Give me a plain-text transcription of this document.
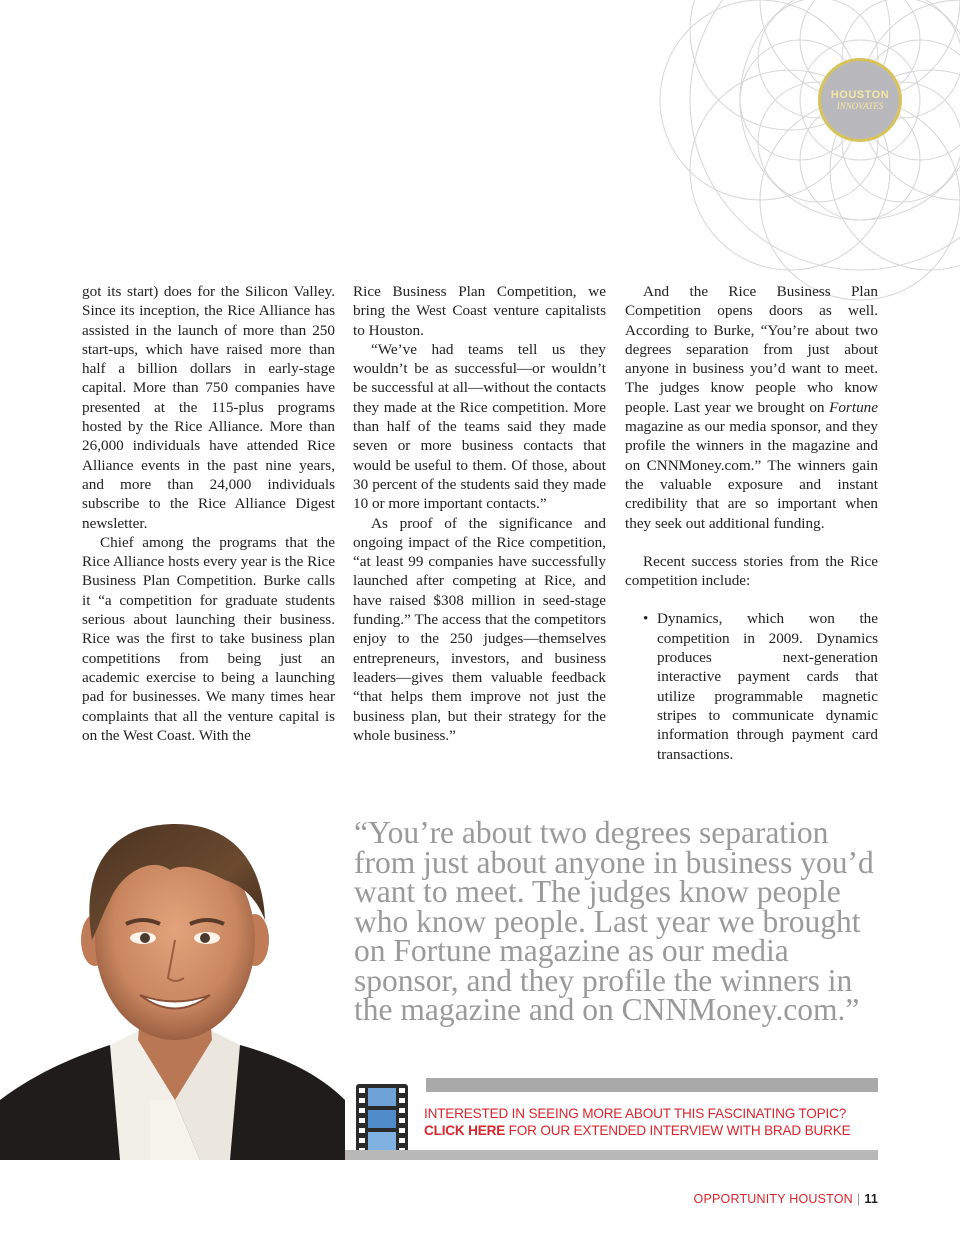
HOUSTON
INNOVATES

got its start) does for the Silicon Valley. Since its inception, the Rice Alliance has assisted in the launch of more than 250 start-ups, which have raised more than half a billion dollars in early-stage capital. More than 750 companies have presented at the 115-plus programs hosted by the Rice Alliance. More than 26,000 individuals have attended Rice Alliance events in the past nine years, and more than 24,000 individuals subscribe to the Rice Alliance Digest newsletter.

Chief among the programs that the Rice Alliance hosts every year is the Rice Business Plan Competition. Burke calls it “a competition for graduate students serious about launching their business. Rice was the first to take business plan competitions from being just an academic exercise to being a launching pad for businesses. We many times hear complaints that all the venture capital is on the West Coast. With the

Rice Business Plan Competition, we bring the West Coast venture capitalists to Houston.

“We’ve had teams tell us they wouldn’t be as successful—or wouldn’t be successful at all—without the contacts they made at the Rice competition. More than half of the teams said they made seven or more business contacts that would be useful to them. Of those, about 30 percent of the students said they made 10 or more important contacts.”

As proof of the significance and ongoing impact of the Rice competition, “at least 99 companies have successfully launched after competing at Rice, and have raised $308 million in seed-stage funding.” The access that the competitors enjoy to the 250 judges—themselves entrepreneurs, investors, and business leaders—gives them valuable feedback “that helps them improve not just the business plan, but their strategy for the whole business.”

And the Rice Business Plan Competition opens doors as well. According to Burke, “You’re about two degrees separation from just about anyone in business you’d want to meet. The judges know people who know people. Last year we brought on Fortune magazine as our media sponsor, and they profile the winners in the magazine and on CNNMoney.com.” The winners gain the valuable exposure and instant credibility that are so important when they seek out additional funding.

Recent success stories from the Rice competition include:

• Dynamics, which won the competition in 2009. Dynamics produces next-generation interactive payment cards that utilize programmable magnetic stripes to communicate dynamic information through payment card transactions.
“You’re about two degrees separation from just about anyone in business you’d want to meet. The judges know people who know people. Last year we brought on Fortune magazine as our media sponsor, and they profile the winners in the magazine and on CNNMoney.com.”
INTERESTED IN SEEING MORE ABOUT THIS FASCINATING TOPIC?
CLICK HERE FOR OUR EXTENDED INTERVIEW WITH BRAD BURKE
OPPORTUNITY HOUSTON | 11
